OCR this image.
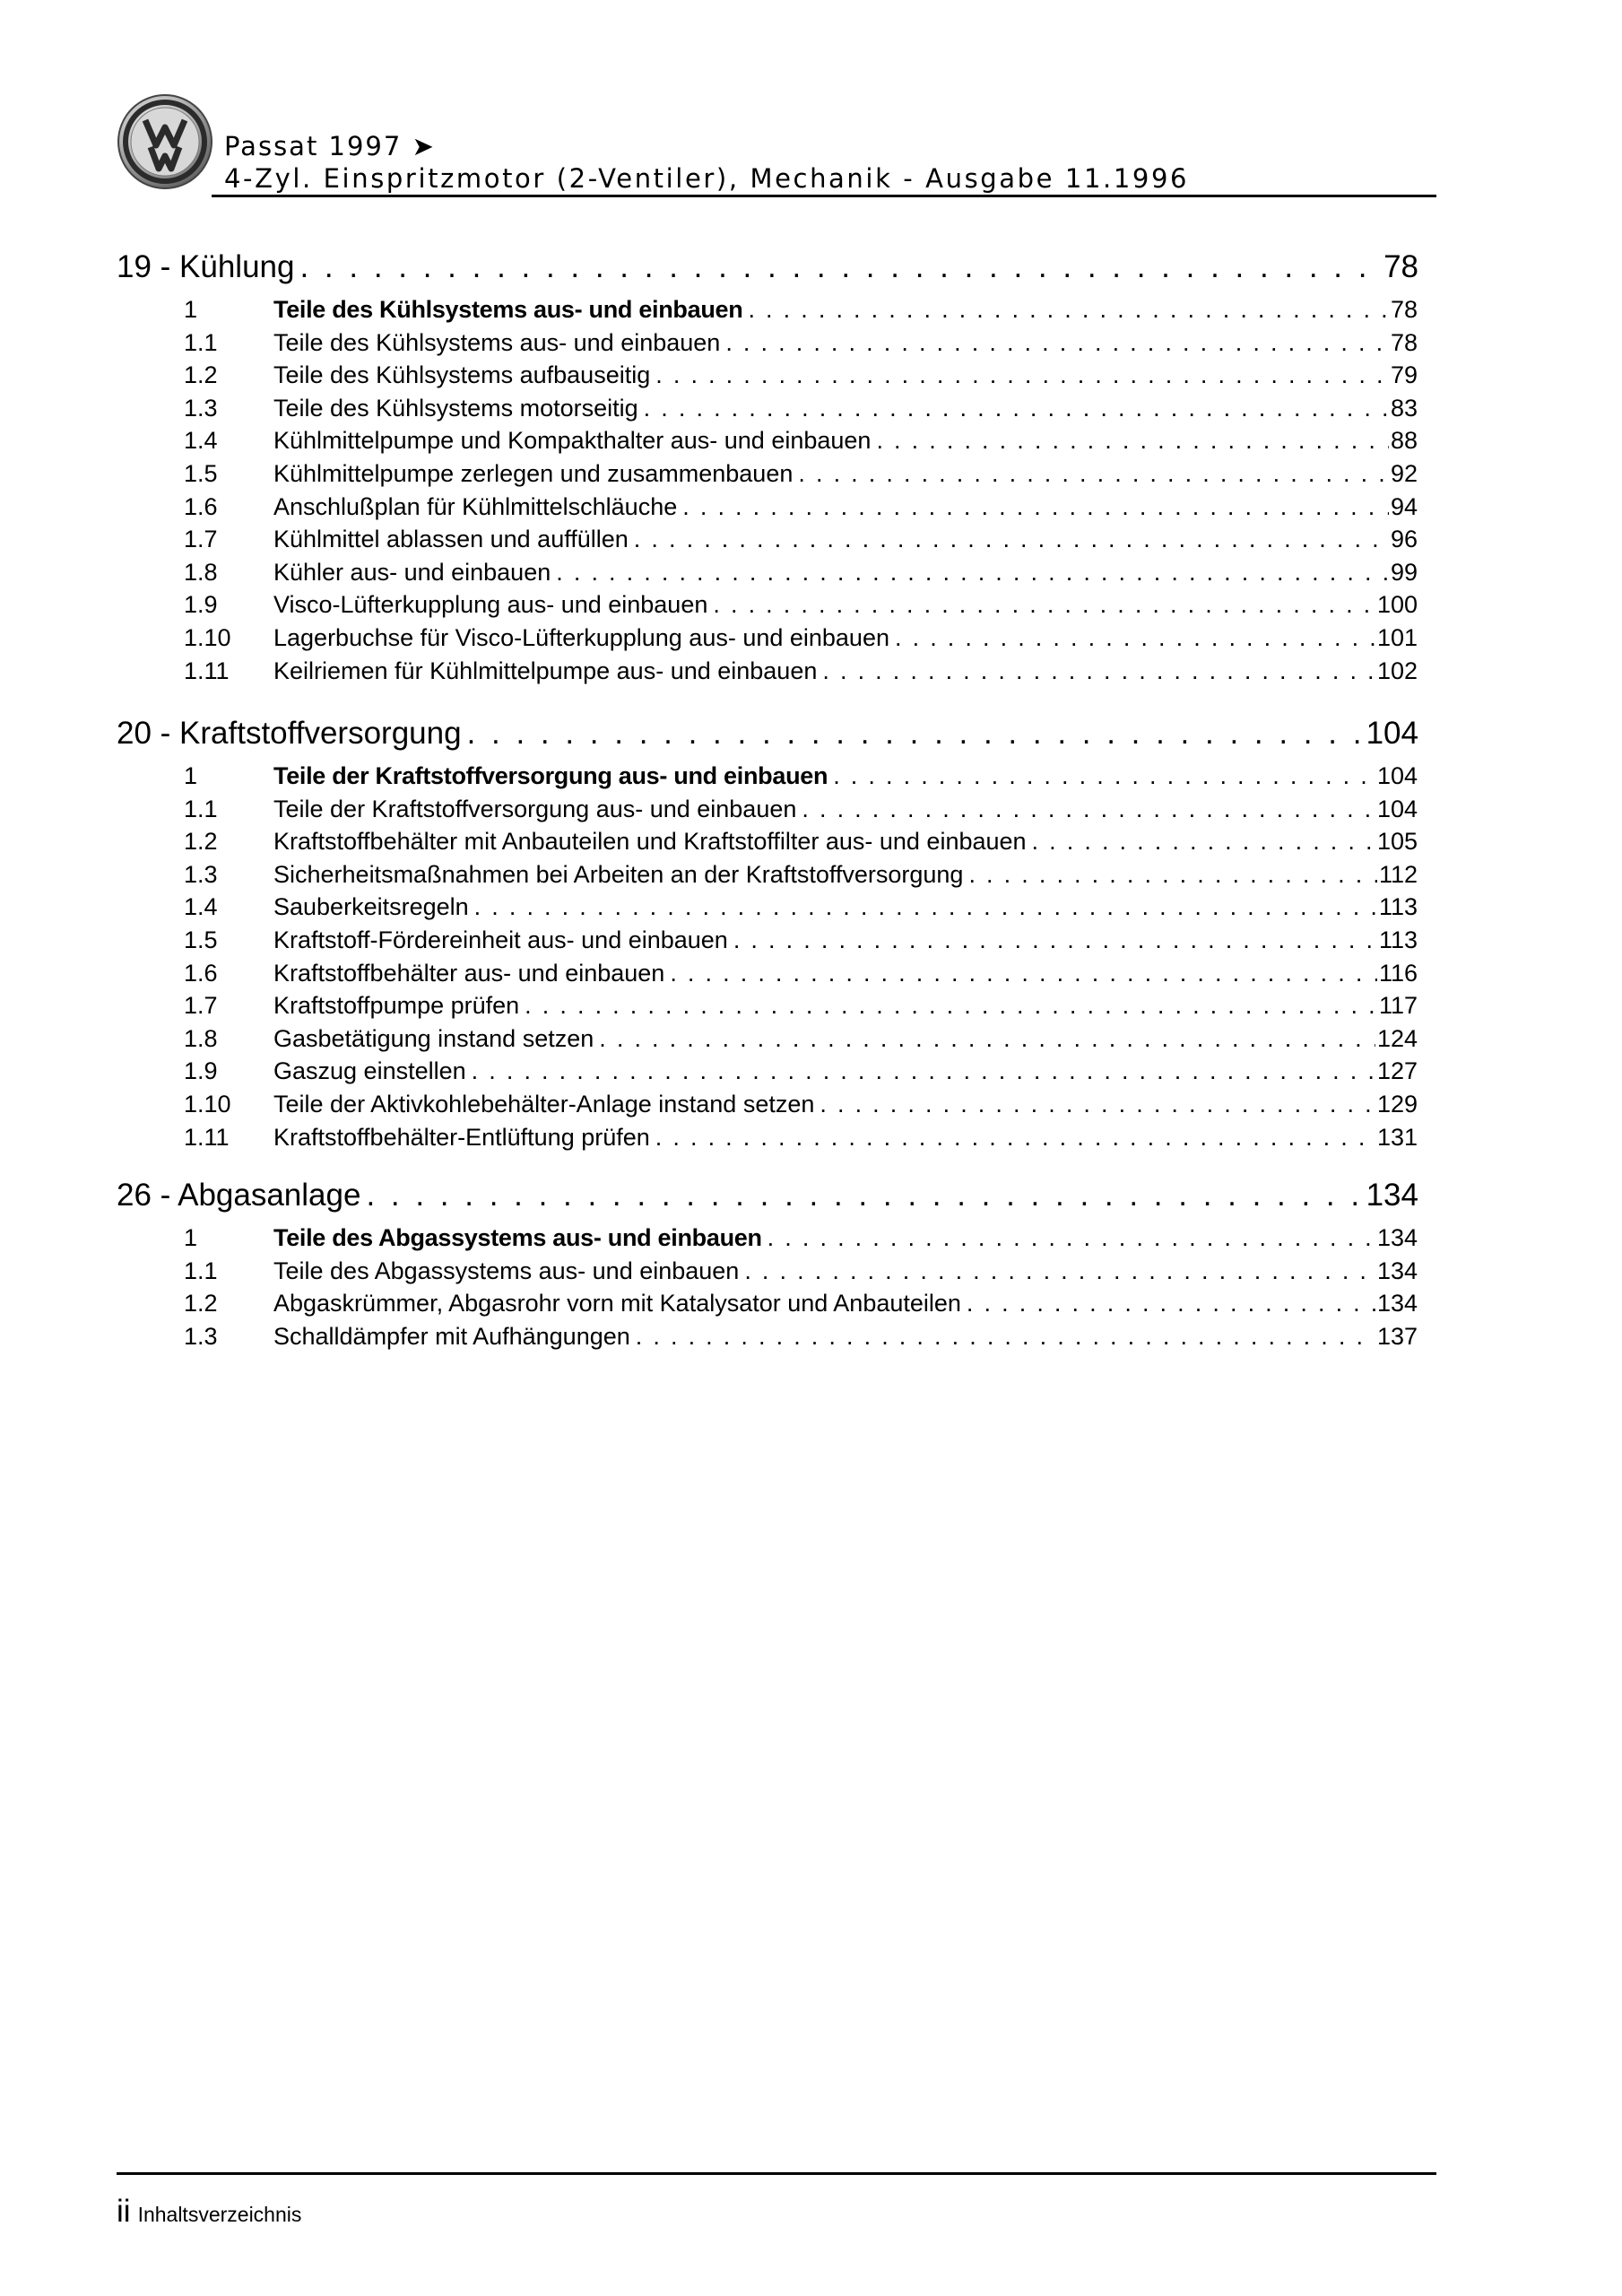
Passat 1997 ➤
4-Zyl. Einspritzmotor (2-Ventiler), Mechanik - Ausgabe 11.1996
19 - Kühlung . . .	78
1	Teile des Kühlsystems aus- und einbauen . . .	78
1.1	Teile des Kühlsystems aus- und einbauen . . .	78
1.2	Teile des Kühlsystems aufbauseitig . . .	79
1.3	Teile des Kühlsystems motorseitig . . .	83
1.4	Kühlmittelpumpe und Kompakthalter aus- und einbauen . . .	88
1.5	Kühlmittelpumpe zerlegen und zusammenbauen . . .	92
1.6	Anschlußplan für Kühlmittelschläuche . . .	94
1.7	Kühlmittel ablassen und auffüllen . . .	96
1.8	Kühler aus- und einbauen . . .	99
1.9	Visco-Lüfterkupplung aus- und einbauen . . .	100
1.10	Lagerbuchse für Visco-Lüfterkupplung aus- und einbauen . . .	101
1.11	Keilriemen für Kühlmittelpumpe aus- und einbauen . . .	102
20 - Kraftstoffversorgung . . .	104
1	Teile der Kraftstoffversorgung aus- und einbauen . . .	104
1.1	Teile der Kraftstoffversorgung aus- und einbauen . . .	104
1.2	Kraftstoffbehälter mit Anbauteilen und Kraftstoffilter aus- und einbauen . . .	105
1.3	Sicherheitsmaßnahmen bei Arbeiten an der Kraftstoffversorgung . . .	112
1.4	Sauberkeitsregeln . . .	113
1.5	Kraftstoff-Fördereinheit aus- und einbauen . . .	113
1.6	Kraftstoffbehälter aus- und einbauen . . .	116
1.7	Kraftstoffpumpe prüfen . . .	117
1.8	Gasbetätigung instand setzen . . .	124
1.9	Gaszug einstellen . . .	127
1.10	Teile der Aktivkohlebehälter-Anlage instand setzen . . .	129
1.11	Kraftstoffbehälter-Entlüftung prüfen . . .	131
26 - Abgasanlage . . .	134
1	Teile des Abgassystems aus- und einbauen . . .	134
1.1	Teile des Abgassystems aus- und einbauen . . .	134
1.2	Abgaskrümmer, Abgasrohr vorn mit Katalysator und Anbauteilen . . .	134
1.3	Schalldämpfer mit Aufhängungen . . .	137
ii Inhaltsverzeichnis
